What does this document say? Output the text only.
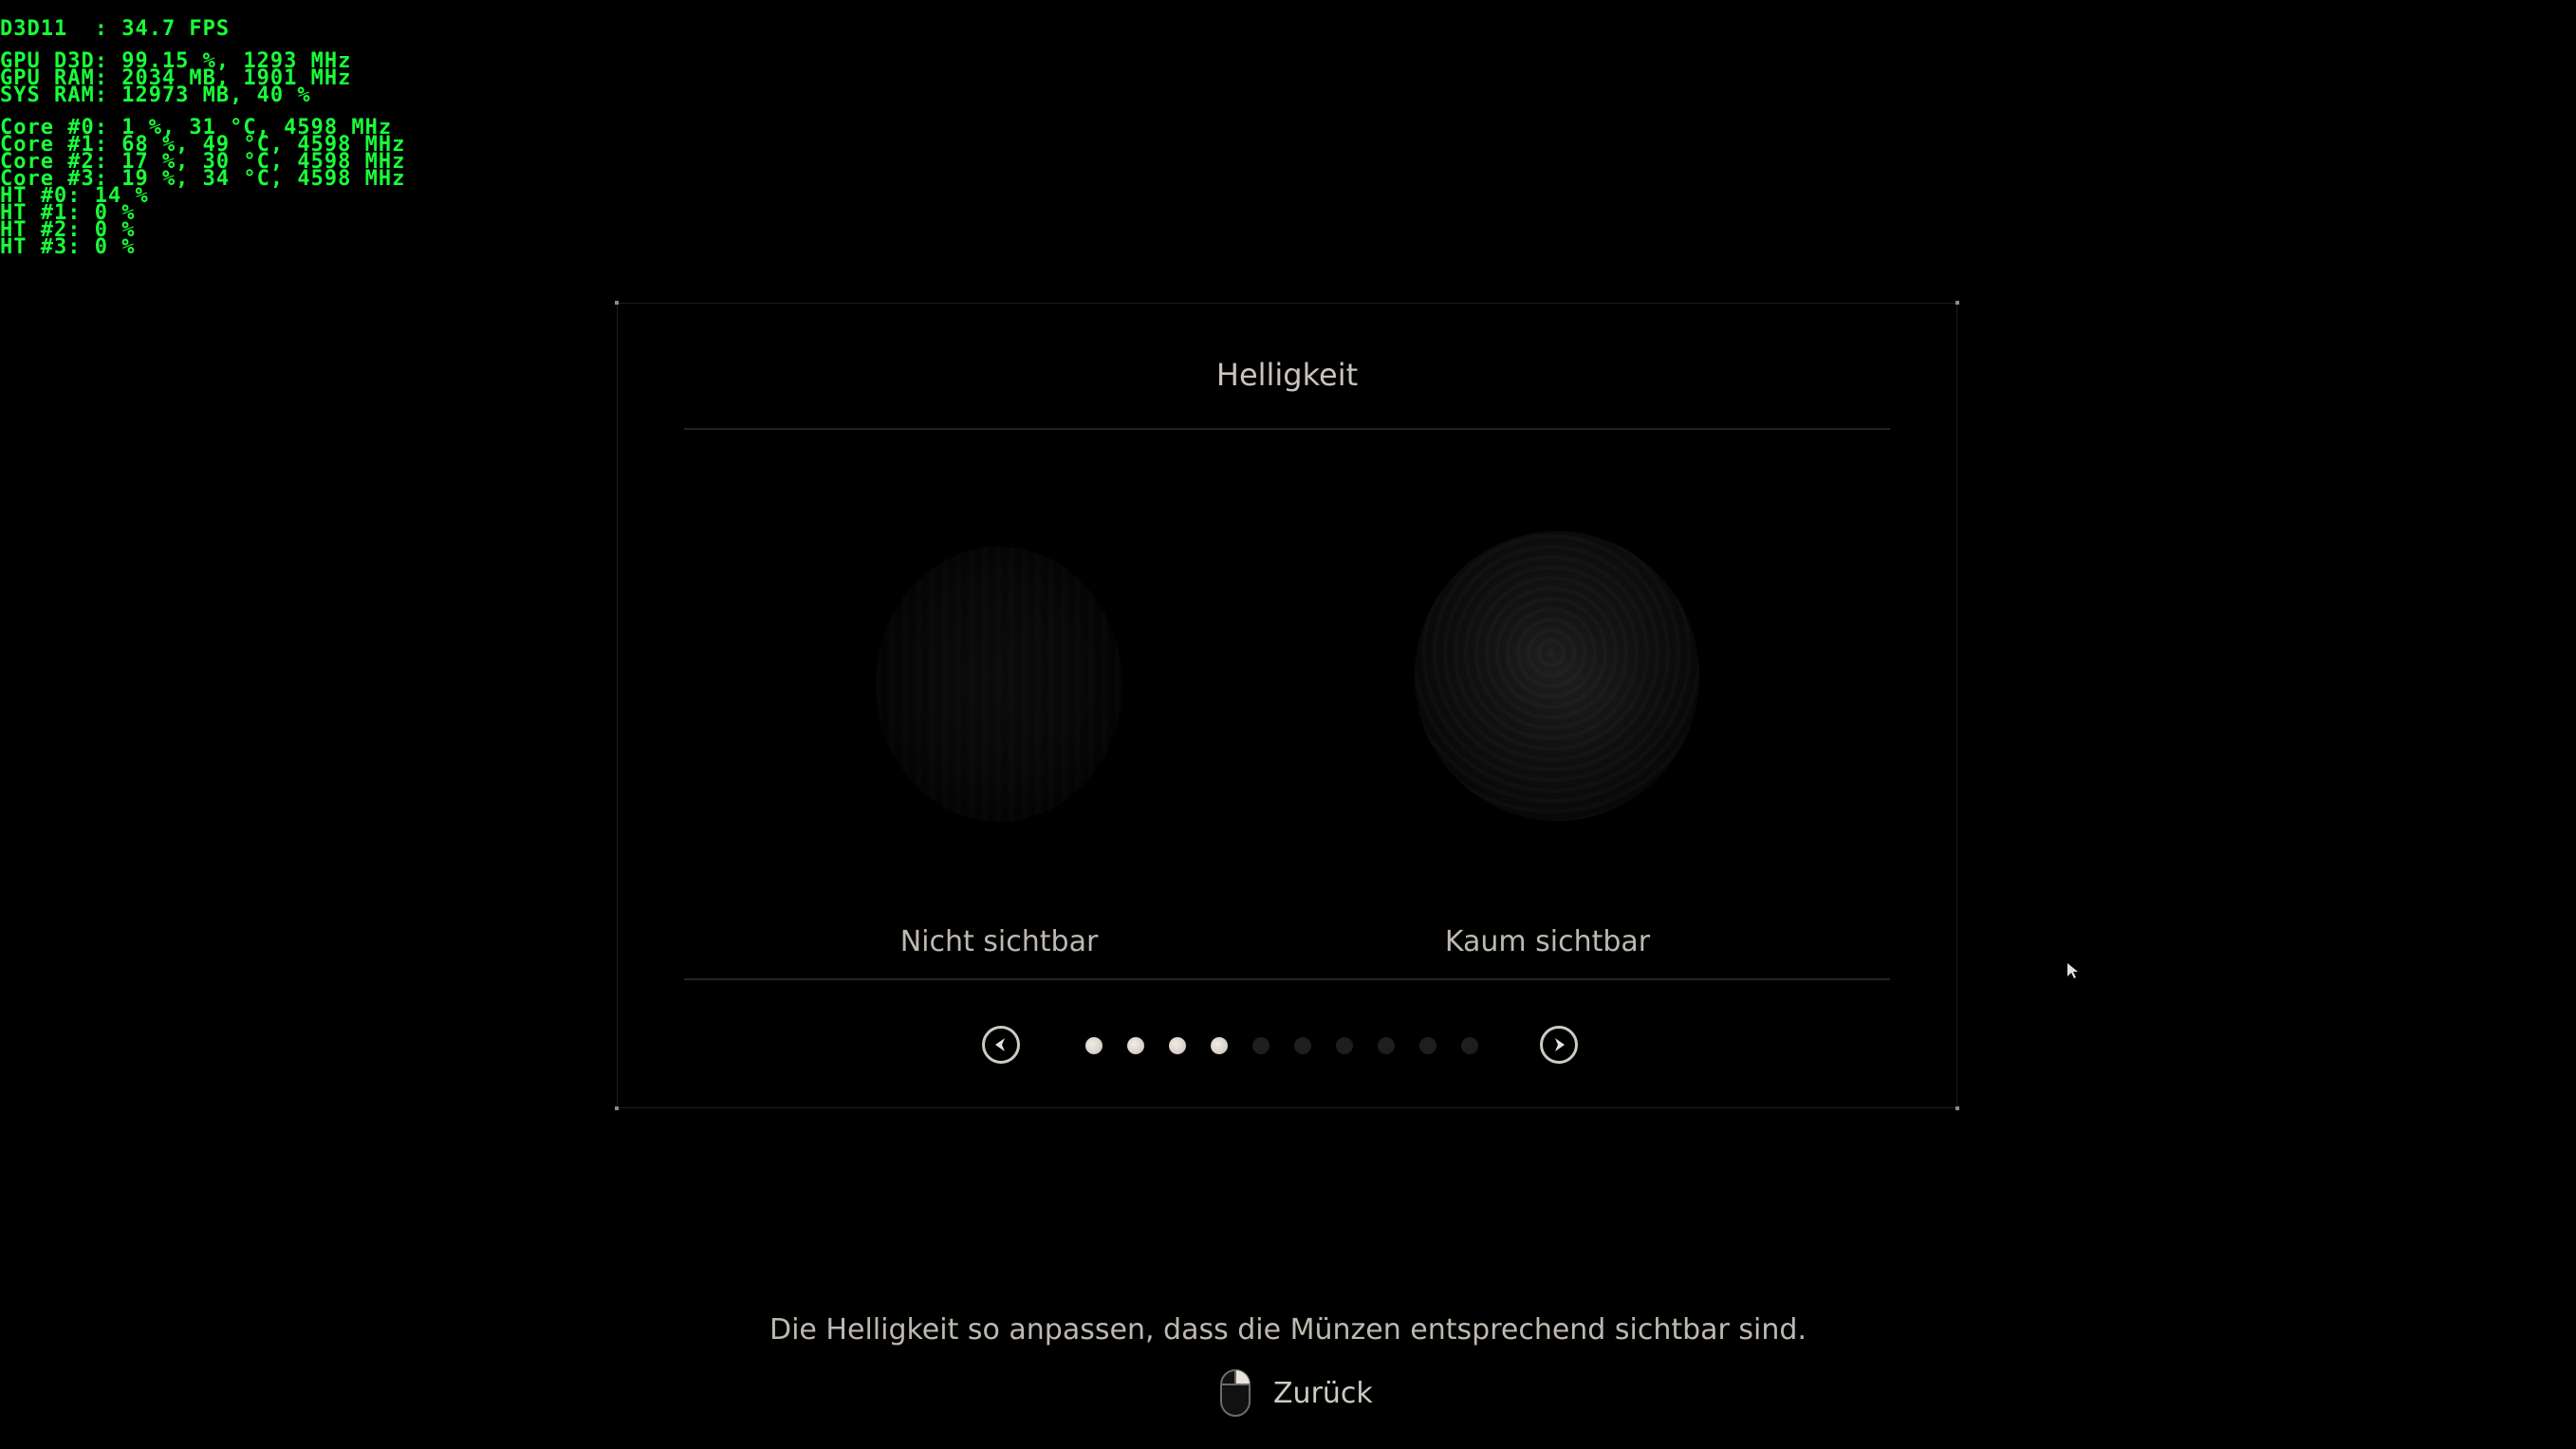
D3D11  : 34.7 FPS
GPU D3D: 99.15 %, 1293 MHz
GPU RAM: 2034 MB, 1901 MHz
SYS RAM: 12973 MB, 40 %
Core #0: 1 %, 31 °C, 4598 MHz
Core #1: 68 %, 49 °C, 4598 MHz
Core #2: 17 %, 30 °C, 4598 MHz
Core #3: 19 %, 34 °C, 4598 MHz
HT #0: 14 %
HT #1: 0 %
HT #2: 0 %
HT #3: 0 %
Helligkeit
Nicht sichtbar	Kaum sichtbar
Die Helligkeit so anpassen, dass die Münzen entsprechend sichtbar sind.
Zurück
